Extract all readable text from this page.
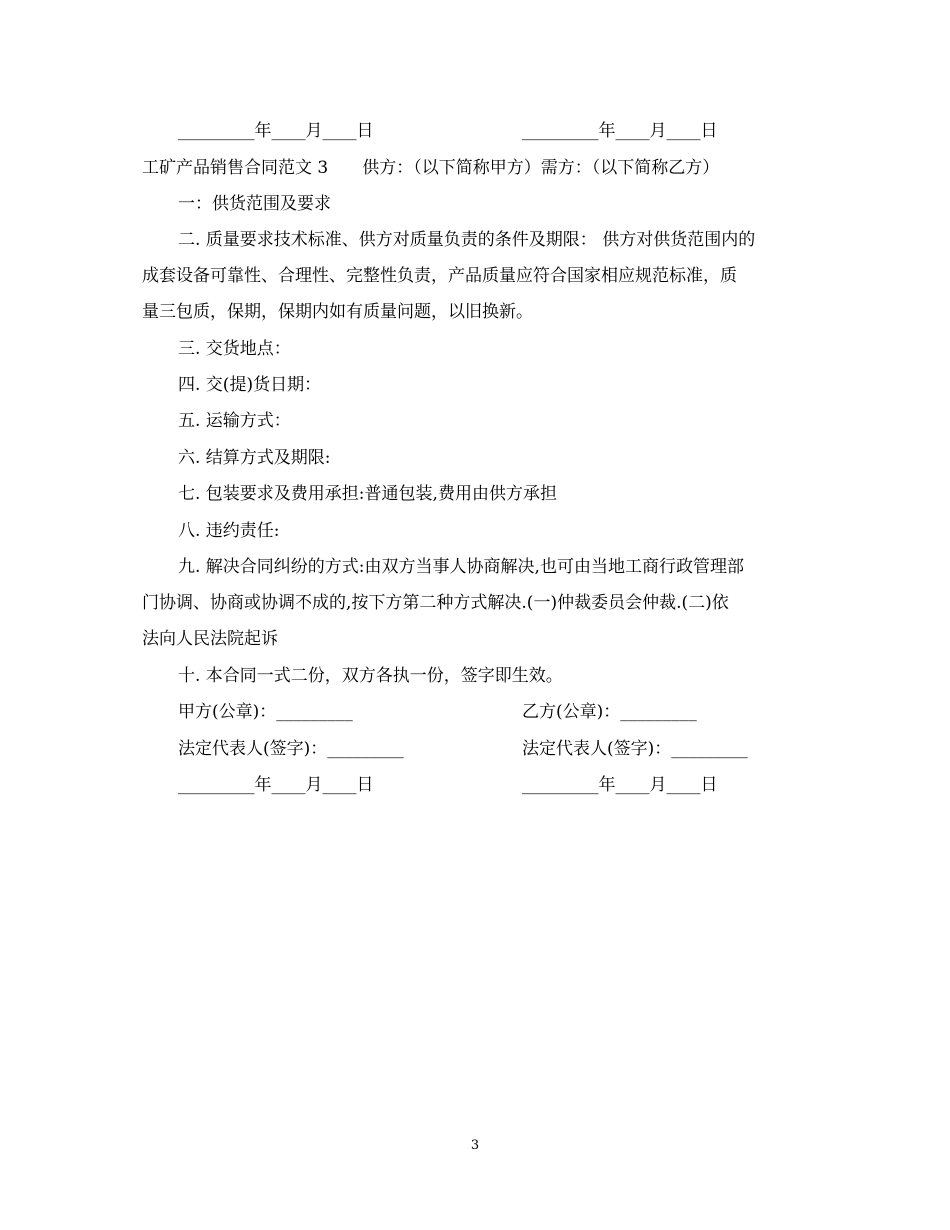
_________年____月____日	_________年____月____日
工矿产品销售合同范文 3　　供方：（以下简称甲方）需方：（以下简称乙方）
一：供货范围及要求
二. 质量要求技术标准、供方对质量负责的条件及期限： 供方对供货范围内的
成套设备可靠性、合理性、完整性负责，产品质量应符合国家相应规范标准，质
量三包质，保期，保期内如有质量问题，以旧换新。
三. 交货地点：
四. 交(提)货日期：
五. 运输方式：
六. 结算方式及期限:
七. 包装要求及费用承担:普通包装,费用由供方承担
八. 违约责任:
九. 解决合同纠纷的方式:由双方当事人协商解决,也可由当地工商行政管理部
门协调、协商或协调不成的,按下方第二种方式解决.(一)仲裁委员会仲裁.(二)依
法向人民法院起诉
十. 本合同一式二份，双方各执一份，签字即生效。
甲方(公章)：_________	乙方(公章)：_________
法定代表人(签字)：_________	法定代表人(签字)：_________
_________年____月____日	_________年____月____日
3
